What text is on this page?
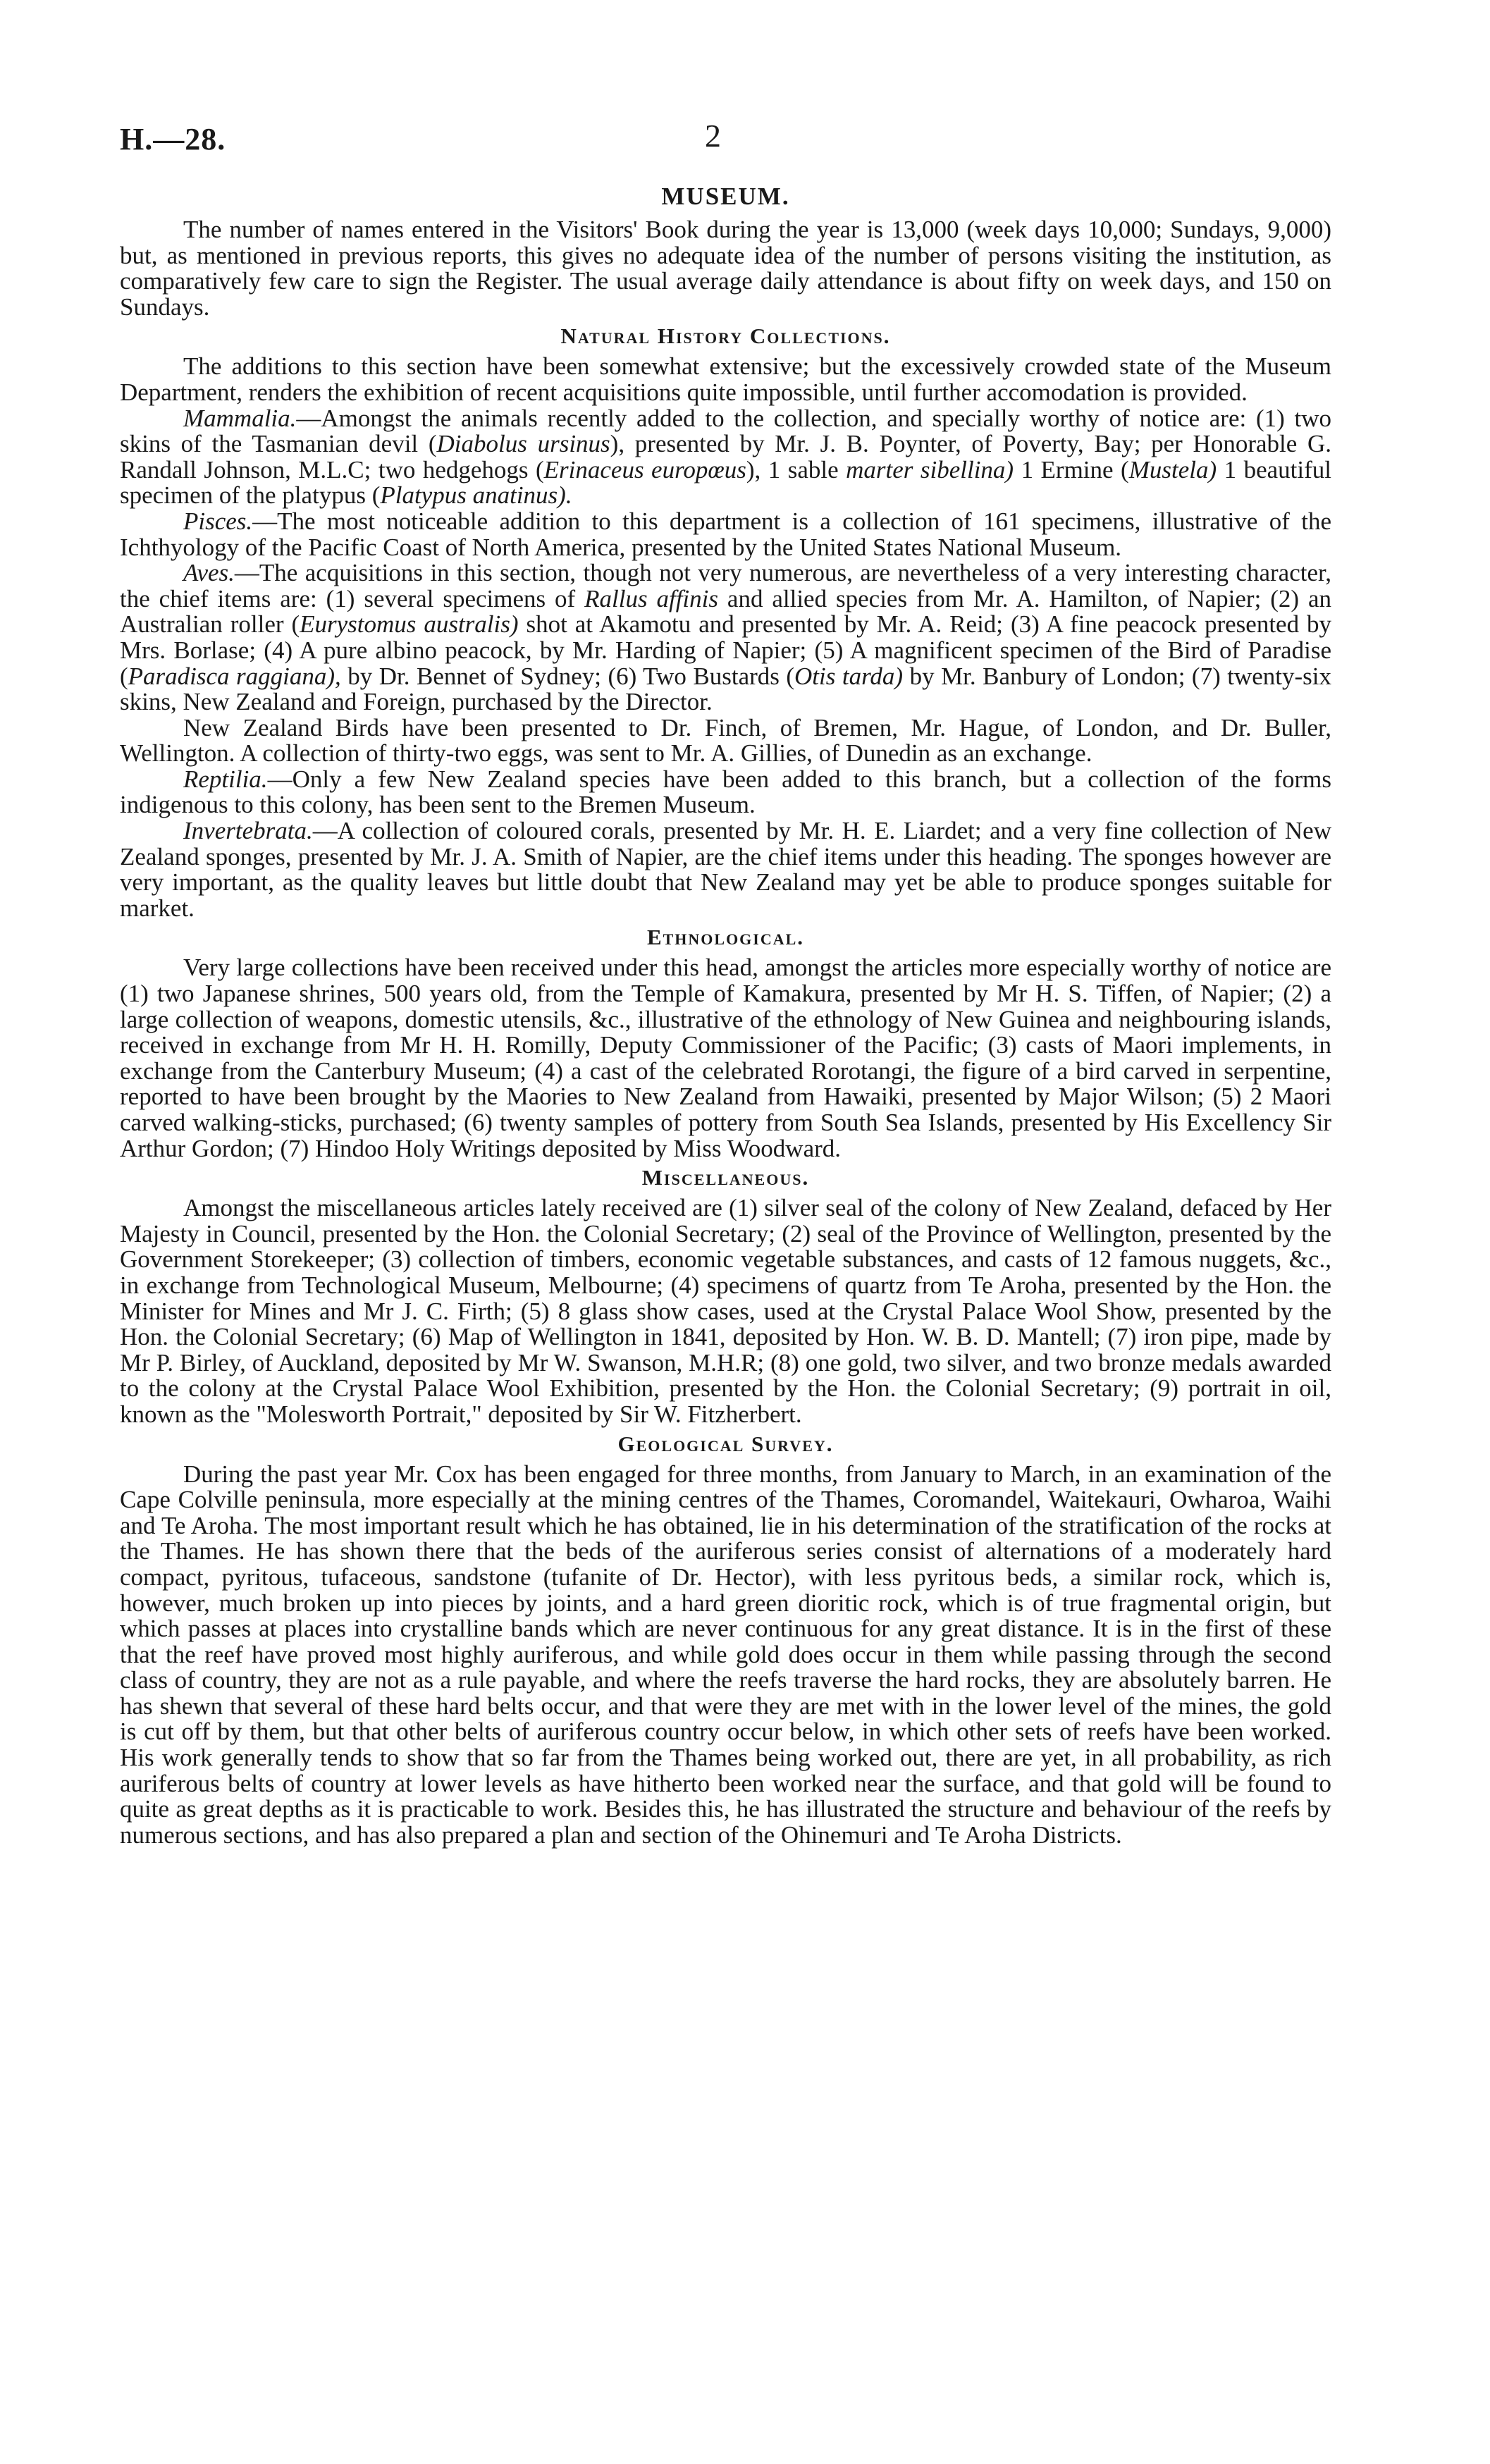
H.—28.	2
MUSEUM.

The number of names entered in the Visitors' Book during the year is 13,000 (week days 10,000; Sundays, 9,000) but, as mentioned in previous reports, this gives no adequate idea of the number of persons visiting the institution, as comparatively few care to sign the Register. The usual average daily attendance is about fifty on week days, and 150 on Sundays.

Natural History Collections.

The additions to this section have been somewhat extensive; but the excessively crowded state of the Museum Department, renders the exhibition of recent acquisitions quite impossible, until further accomodation is provided.

Mammalia.—Amongst the animals recently added to the collection, and specially worthy of notice are: (1) two skins of the Tasmanian devil (Diabolus ursinus), presented by Mr. J. B. Poynter, of Poverty, Bay; per Honorable G. Randall Johnson, M.L.C; two hedgehogs (Erinaceus europœus), 1 sable marter sibellina) 1 Ermine (Mustela) 1 beautiful specimen of the platypus (Platypus anatinus).

Pisces.—The most noticeable addition to this department is a collection of 161 specimens, illustrative of the Ichthyology of the Pacific Coast of North America, presented by the United States National Museum.

Aves.—The acquisitions in this section, though not very numerous, are nevertheless of a very interesting character, the chief items are: (1) several specimens of Rallus affinis and allied species from Mr. A. Hamilton, of Napier; (2) an Australian roller (Eurystomus australis) shot at Akamotu and presented by Mr. A. Reid; (3) A fine peacock presented by Mrs. Borlase; (4) A pure albino peacock, by Mr. Harding of Napier; (5) A magnificent specimen of the Bird of Paradise (Paradisca raggiana), by Dr. Bennet of Sydney; (6) Two Bustards (Otis tarda) by Mr. Banbury of London; (7) twenty-six skins, New Zealand and Foreign, purchased by the Director.

New Zealand Birds have been presented to Dr. Finch, of Bremen, Mr. Hague, of London, and Dr. Buller, Wellington. A collection of thirty-two eggs, was sent to Mr. A. Gillies, of Dunedin as an exchange.

Reptilia.—Only a few New Zealand species have been added to this branch, but a collection of the forms indigenous to this colony, has been sent to the Bremen Museum.

Invertebrata.—A collection of coloured corals, presented by Mr. H. E. Liardet; and a very fine collection of New Zealand sponges, presented by Mr. J. A. Smith of Napier, are the chief items under this heading. The sponges however are very important, as the quality leaves but little doubt that New Zealand may yet be able to produce sponges suitable for market.

Ethnological.

Very large collections have been received under this head, amongst the articles more especially worthy of notice are (1) two Japanese shrines, 500 years old, from the Temple of Kamakura, presented by Mr H. S. Tiffen, of Napier; (2) a large collection of weapons, domestic utensils, &c., illustrative of the ethnology of New Guinea and neighbouring islands, received in exchange from Mr H. H. Romilly, Deputy Commissioner of the Pacific; (3) casts of Maori implements, in exchange from the Canterbury Museum; (4) a cast of the celebrated Rorotangi, the figure of a bird carved in serpentine, reported to have been brought by the Maories to New Zealand from Hawaiki, presented by Major Wilson; (5) 2 Maori carved walking-sticks, purchased; (6) twenty samples of pottery from South Sea Islands, presented by His Excellency Sir Arthur Gordon; (7) Hindoo Holy Writings deposited by Miss Woodward.

Miscellaneous.

Amongst the miscellaneous articles lately received are (1) silver seal of the colony of New Zealand, defaced by Her Majesty in Council, presented by the Hon. the Colonial Secretary; (2) seal of the Province of Wellington, presented by the Government Storekeeper; (3) collection of timbers, economic vegetable substances, and casts of 12 famous nuggets, &c., in exchange from Technological Museum, Melbourne; (4) specimens of quartz from Te Aroha, presented by the Hon. the Minister for Mines and Mr J. C. Firth; (5) 8 glass show cases, used at the Crystal Palace Wool Show, presented by the Hon. the Colonial Secretary; (6) Map of Wellington in 1841, deposited by Hon. W. B. D. Mantell; (7) iron pipe, made by Mr P. Birley, of Auckland, deposited by Mr W. Swanson, M.H.R; (8) one gold, two silver, and two bronze medals awarded to the colony at the Crystal Palace Wool Exhibition, presented by the Hon. the Colonial Secretary; (9) portrait in oil, known as the "Molesworth Portrait," deposited by Sir W. Fitzherbert.

Geological Survey.

During the past year Mr. Cox has been engaged for three months, from January to March, in an examination of the Cape Colville peninsula, more especially at the mining centres of the Thames, Coromandel, Waitekauri, Owharoa, Waihi and Te Aroha. The most important result which he has obtained, lie in his determination of the stratification of the rocks at the Thames. He has shown there that the beds of the auriferous series consist of alternations of a moderately hard compact, pyritous, tufaceous, sandstone (tufanite of Dr. Hector), with less pyritous beds, a similar rock, which is, however, much broken up into pieces by joints, and a hard green dioritic rock, which is of true fragmental origin, but which passes at places into crystalline bands which are never continuous for any great distance. It is in the first of these that the reef have proved most highly auriferous, and while gold does occur in them while passing through the second class of country, they are not as a rule payable, and where the reefs traverse the hard rocks, they are absolutely barren. He has shewn that several of these hard belts occur, and that were they are met with in the lower level of the mines, the gold is cut off by them, but that other belts of auriferous country occur below, in which other sets of reefs have been worked. His work generally tends to show that so far from the Thames being worked out, there are yet, in all probability, as rich auriferous belts of country at lower levels as have hitherto been worked near the surface, and that gold will be found to quite as great depths as it is practicable to work. Besides this, he has illustrated the structure and behaviour of the reefs by numerous sections, and has also prepared a plan and section of the Ohinemuri and Te Aroha Districts.
